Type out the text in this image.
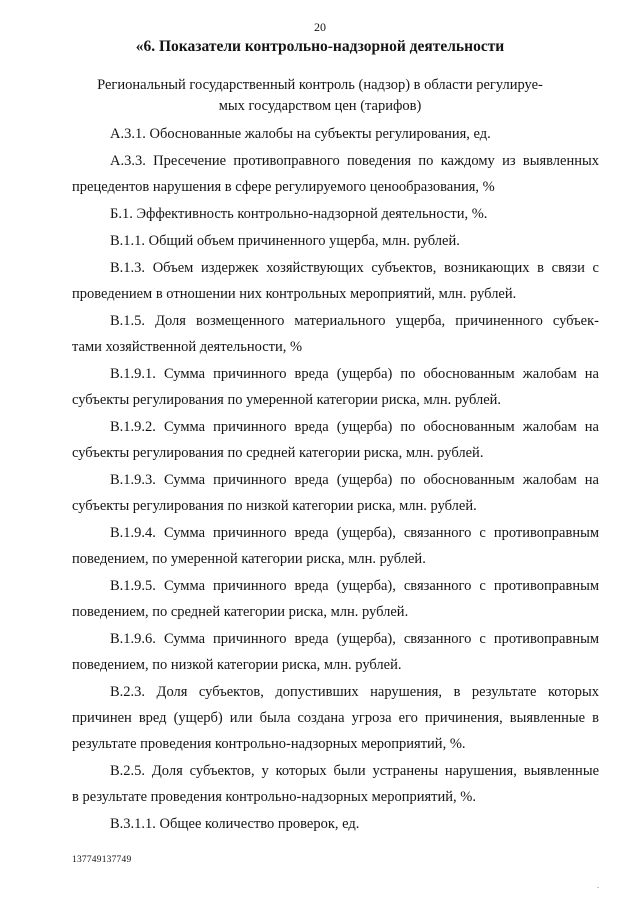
20
«6. Показатели контрольно-надзорной деятельности
Региональный государственный контроль (надзор) в области регулируе-
мых государством цен (тарифов)
А.3.1. Обоснованные жалобы на субъекты регулирования, ед.
А.3.3. Пресечение противоправного поведения по каждому из выявленных
прецедентов нарушения в сфере регулируемого ценообразования, %
Б.1. Эффективность контрольно-надзорной деятельности, %.
В.1.1. Общий объем причиненного ущерба, млн. рублей.
В.1.3. Объем издержек хозяйствующих субъектов, возникающих в связи с
проведением в отношении них контрольных мероприятий, млн. рублей.
В.1.5. Доля возмещенного материального ущерба, причиненного субъек-
тами хозяйственной деятельности, %
В.1.9.1. Сумма причинного вреда (ущерба) по обоснованным жалобам на
субъекты регулирования по умеренной категории риска, млн. рублей.
В.1.9.2. Сумма причинного вреда (ущерба) по обоснованным жалобам на
субъекты регулирования по средней категории риска, млн. рублей.
В.1.9.3. Сумма причинного вреда (ущерба) по обоснованным жалобам на
субъекты регулирования по низкой категории риска, млн. рублей.
В.1.9.4. Сумма причинного вреда (ущерба), связанного с противоправным
поведением, по умеренной категории риска, млн. рублей.
В.1.9.5. Сумма причинного вреда (ущерба), связанного с противоправным
поведением, по средней категории риска, млн. рублей.
В.1.9.6. Сумма причинного вреда (ущерба), связанного с противоправным
поведением, по низкой категории риска, млн. рублей.
В.2.3. Доля субъектов, допустивших нарушения, в результате которых
причинен вред (ущерб) или была создана угроза его причинения, выявленные в
результате проведения контрольно-надзорных мероприятий, %.
В.2.5. Доля субъектов, у которых были устранены нарушения, выявленные
в результате проведения контрольно-надзорных мероприятий, %.
В.3.1.1. Общее количество проверок, ед.
137749137749
.
